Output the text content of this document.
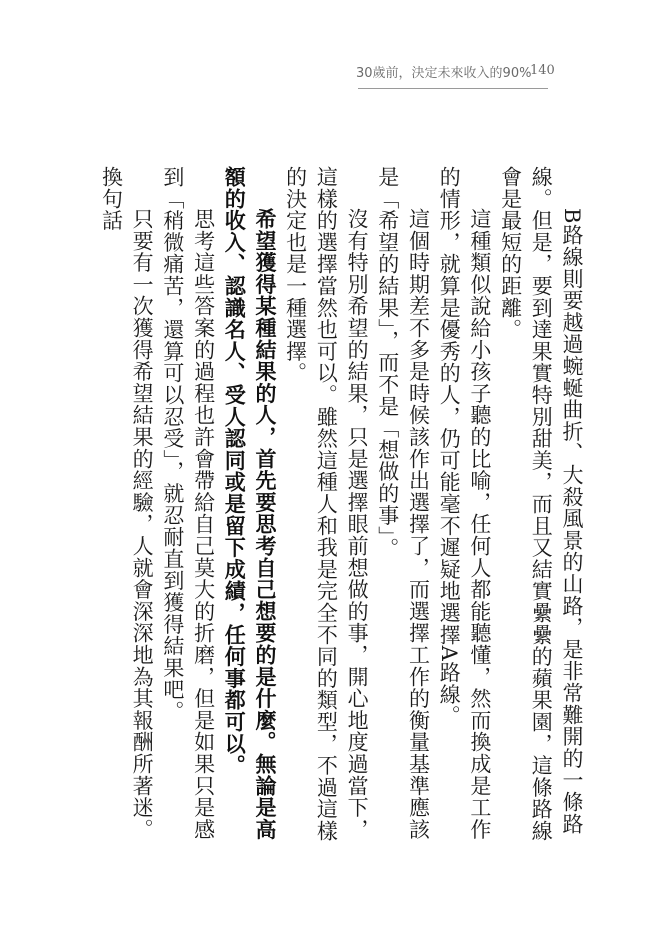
30歲前，決定未來收入的90%
140

B路線則要越過蜿蜒曲折、大殺風景的山路，是非常難開的一條路線。但是，要到達果實特別甜美，而且又結實纍纍的蘋果園，這條路線會是最短的距離。

這種類似說給小孩子聽的比喻，任何人都能聽懂，然而換成是工作的情形，就算是優秀的人，仍可能毫不遲疑地選擇A路線。

這個時期差不多是時候該作出選擇了，而選擇工作的衡量基準應該是「希望的結果」，而不是「想做的事」。

沒有特別希望的結果，只是選擇眼前想做的事，開心地度過當下，這樣的選擇當然也可以。雖然這種人和我是完全不同的類型，不過這樣的決定也是一種選擇。

希望獲得某種結果的人，首先要思考自己想要的是什麼。無論是高額的收入、認識名人、受人認同或是留下成績，任何事都可以。

思考這些答案的過程也許會帶給自己莫大的折磨，但是如果只是感到「稍微痛苦，還算可以忍受」，就忍耐直到獲得結果吧。

只要有一次獲得希望結果的經驗，人就會深深地為其報酬所著迷。換句話
